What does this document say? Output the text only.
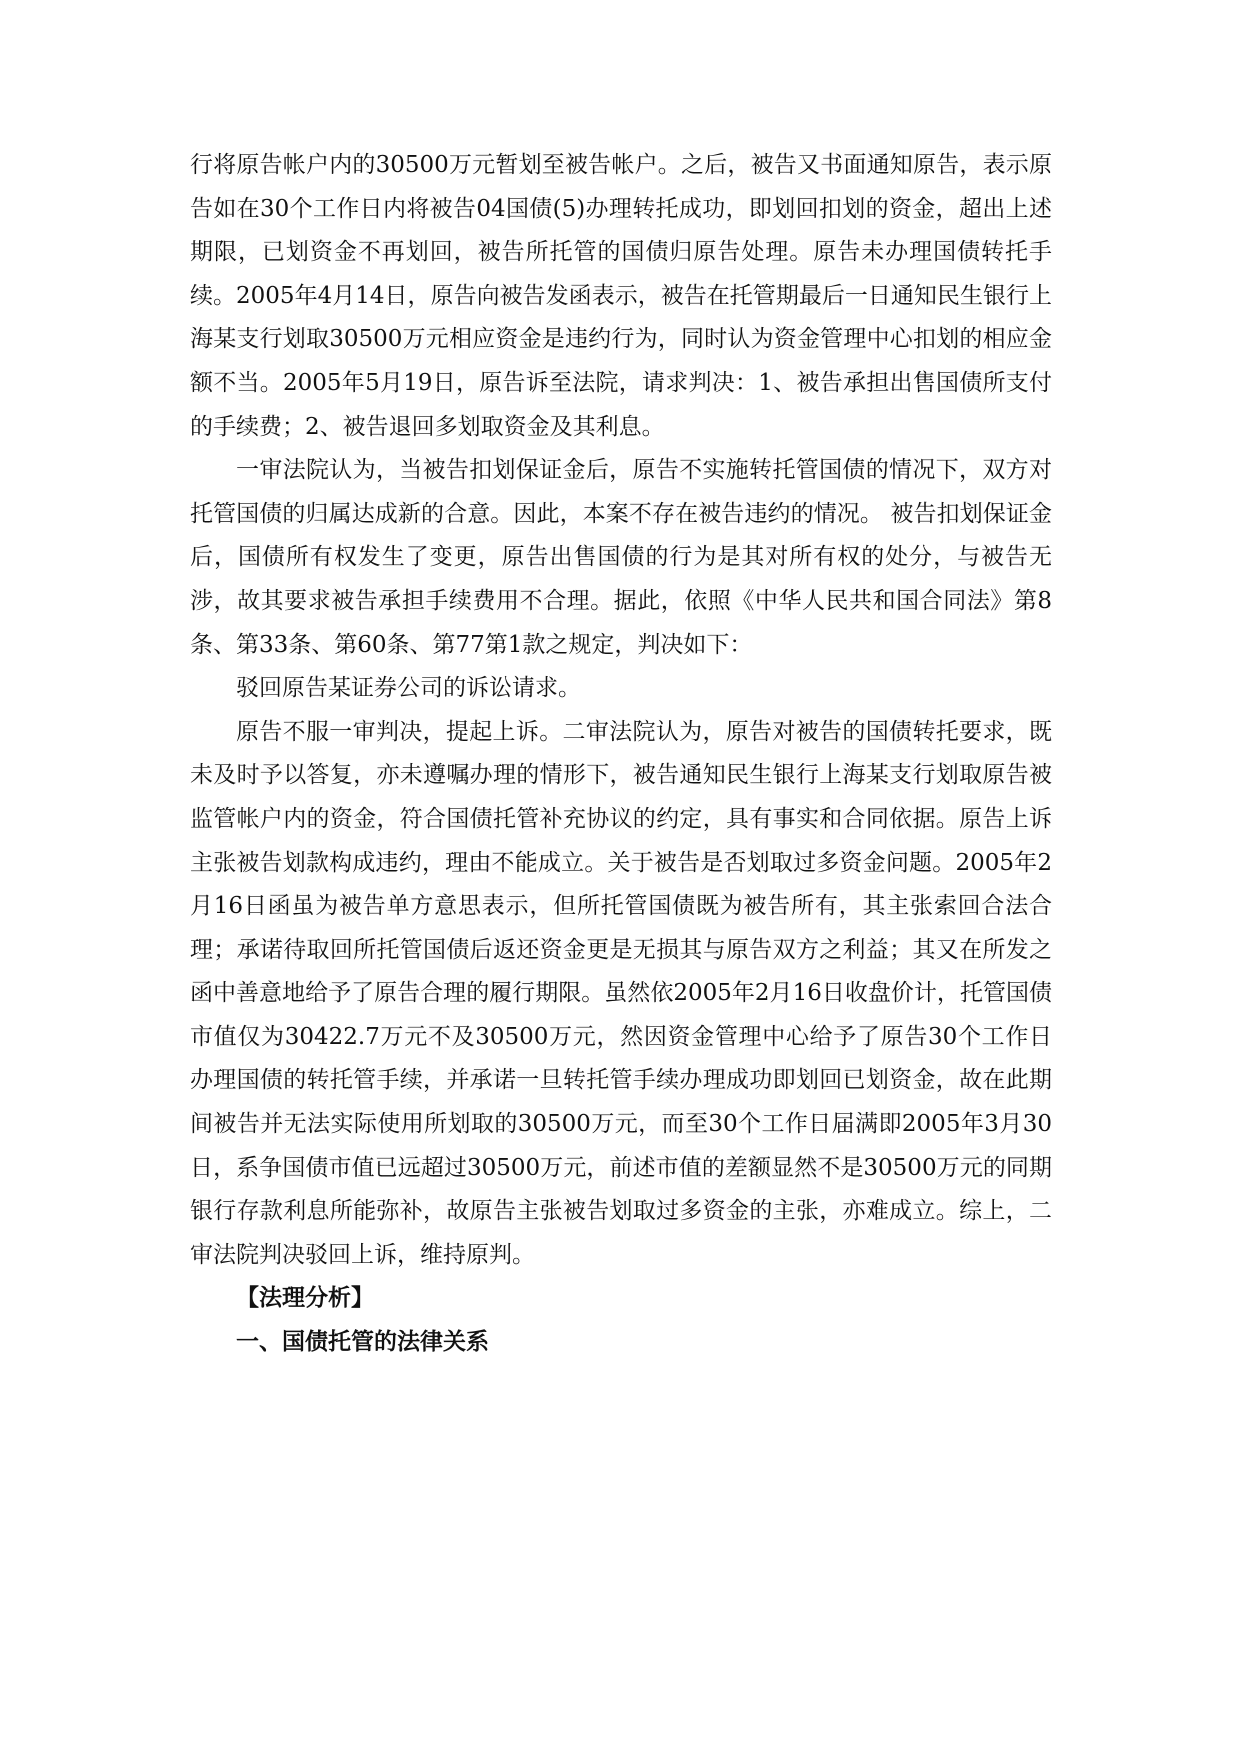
行将原告帐户内的30500万元暂划至被告帐户。之后，被告又书面通知原告，表示原告如在30个工作日内将被告04国债(5)办理转托成功，即划回扣划的资金，超出上述期限，已划资金不再划回，被告所托管的国债归原告处理。原告未办理国债转托手续。2005年4月14日，原告向被告发函表示，被告在托管期最后一日通知民生银行上海某支行划取30500万元相应资金是违约行为，同时认为资金管理中心扣划的相应金额不当。2005年5月19日，原告诉至法院，请求判决：1、被告承担出售国债所支付的手续费；2、被告退回多划取资金及其利息。

一审法院认为，当被告扣划保证金后，原告不实施转托管国债的情况下，双方对托管国债的归属达成新的合意。因此，本案不存在被告违约的情况。 被告扣划保证金后，国债所有权发生了变更，原告出售国债的行为是其对所有权的处分，与被告无涉，故其要求被告承担手续费用不合理。据此，依照《中华人民共和国合同法》第8条、第33条、第60条、第77第1款之规定，判决如下：

驳回原告某证券公司的诉讼请求。

原告不服一审判决，提起上诉。二审法院认为，原告对被告的国债转托要求，既未及时予以答复，亦未遵嘱办理的情形下，被告通知民生银行上海某支行划取原告被监管帐户内的资金，符合国债托管补充协议的约定，具有事实和合同依据。原告上诉主张被告划款构成违约，理由不能成立。关于被告是否划取过多资金问题。2005年2月16日函虽为被告单方意思表示，但所托管国债既为被告所有，其主张索回合法合理；承诺待取回所托管国债后返还资金更是无损其与原告双方之利益；其又在所发之函中善意地给予了原告合理的履行期限。虽然依2005年2月16日收盘价计，托管国债市值仅为30422.7万元不及30500万元，然因资金管理中心给予了原告30个工作日办理国债的转托管手续，并承诺一旦转托管手续办理成功即划回已划资金，故在此期间被告并无法实际使用所划取的30500万元，而至30个工作日届满即2005年3月30日，系争国债市值已远超过30500万元，前述市值的差额显然不是30500万元的同期银行存款利息所能弥补，故原告主张被告划取过多资金的主张，亦难成立。综上，二审法院判决驳回上诉，维持原判。

【法理分析】

一、国债托管的法律关系
